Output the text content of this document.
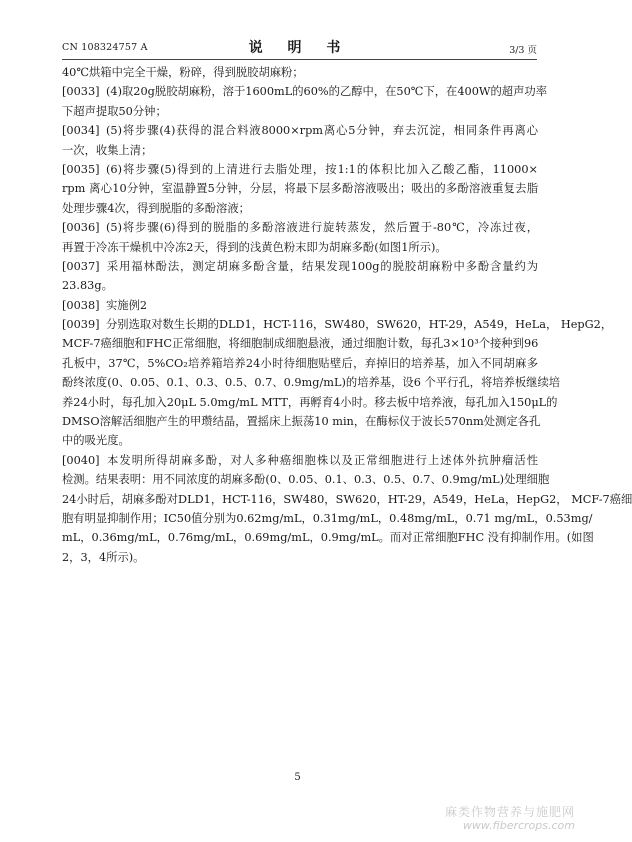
CN 108324757 A	说 明 书	3/3 页
40℃烘箱中完全干燥，粉碎，得到脱胶胡麻粉；
[0033] (4)取20g脱胶胡麻粉，溶于1600mL的60%的乙醇中，在50℃下，在400W的超声功率
下超声提取50分钟；
[0034] (5)将步骤(4)获得的混合料液8000×rpm离心5分钟，弃去沉淀，相同条件再离心
一次，收集上清；
[0035] (6)将步骤(5)得到的上清进行去脂处理，按1:1的体积比加入乙酸乙酯，11000×
rpm 离心10分钟，室温静置5分钟，分层，将最下层多酚溶液吸出；吸出的多酚溶液重复去脂
处理步骤4次，得到脱脂的多酚溶液；
[0036] (5)将步骤(6)得到的脱脂的多酚溶液进行旋转蒸发，然后置于-80℃，冷冻过夜，
再置于冷冻干燥机中冷冻2天，得到的浅黄色粉末即为胡麻多酚(如图1所示)。
[0037] 采用福林酚法，测定胡麻多酚含量，结果发现100g的脱胶胡麻粉中多酚含量约为
23.83g。
[0038] 实施例2
[0039] 分别选取对数生长期的DLD1，HCT-116，SW480，SW620，HT-29，A549，HeLa， HepG2，
MCF-7癌细胞和FHC正常细胞，将细胞制成细胞悬液，通过细胞计数，每孔3×10³个接种到96
孔板中，37℃，5%CO₂培养箱培养24小时待细胞贴壁后，弃掉旧的培养基，加入不同胡麻多
酚终浓度(0、0.05、0.1、0.3、0.5、0.7、0.9mg/mL)的培养基，设6 个平行孔，将培养板继续培
养24小时，每孔加入20μL 5.0mg/mL MTT，再孵育4小时。移去板中培养液，每孔加入150μL的
DMSO溶解活细胞产生的甲瓒结晶，置摇床上振荡10 min，在酶标仪于波长570nm处测定各孔
中的吸光度。
[0040] 本发明所得胡麻多酚，对人多种癌细胞株以及正常细胞进行上述体外抗肿瘤活性
检测。结果表明：用不同浓度的胡麻多酚(0、0.05、0.1、0.3、0.5、0.7、0.9mg/mL)处理细胞
24小时后，胡麻多酚对DLD1，HCT-116，SW480，SW620，HT-29，A549，HeLa，HepG2， MCF-7癌细
胞有明显抑制作用；IC50值分别为0.62mg/mL，0.31mg/mL，0.48mg/mL，0.71 mg/mL，0.53mg/
mL，0.36mg/mL，0.76mg/mL，0.69mg/mL，0.9mg/mL。而对正常细胞FHC 没有抑制作用。(如图
2，3，4所示)。
5
麻类作物营养与施肥网
www.fibercrops.com
